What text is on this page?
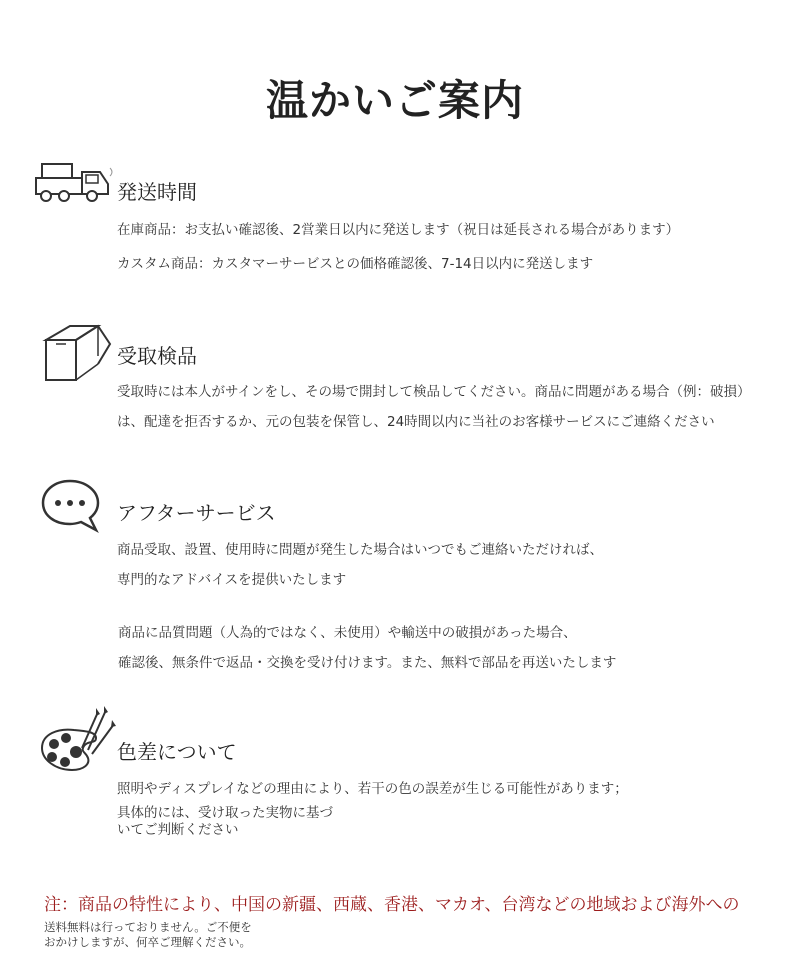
温かいご案内
発送時間
在庫商品：お支払い確認後、2営業日以内に発送します（祝日は延長される場合があります）
カスタム商品：カスタマーサービスとの価格確認後、7-14日以内に発送します
受取検品
受取時には本人がサインをし、その場で開封して検品してください。商品に問題がある場合（例：破損）
は、配達を拒否するか、元の包装を保管し、24時間以内に当社のお客様サービスにご連絡ください
アフターサービス
商品受取、設置、使用時に問題が発生した場合はいつでもご連絡いただければ、
専門的なアドバイスを提供いたします
商品に品質問題（人為的ではなく、未使用）や輸送中の破損があった場合、
確認後、無条件で返品・交換を受け付けます。また、無料で部品を再送いたします
色差について
照明やディスプレイなどの理由により、若干の色の誤差が生じる可能性があります；
具体的には、受け取った実物に基づ
いてご判断ください
注：商品の特性により、中国の新疆、西蔵、香港、マカオ、台湾などの地域および海外への
送料無料は行っておりません。ご不便を
おかけしますが、何卒ご理解ください。
